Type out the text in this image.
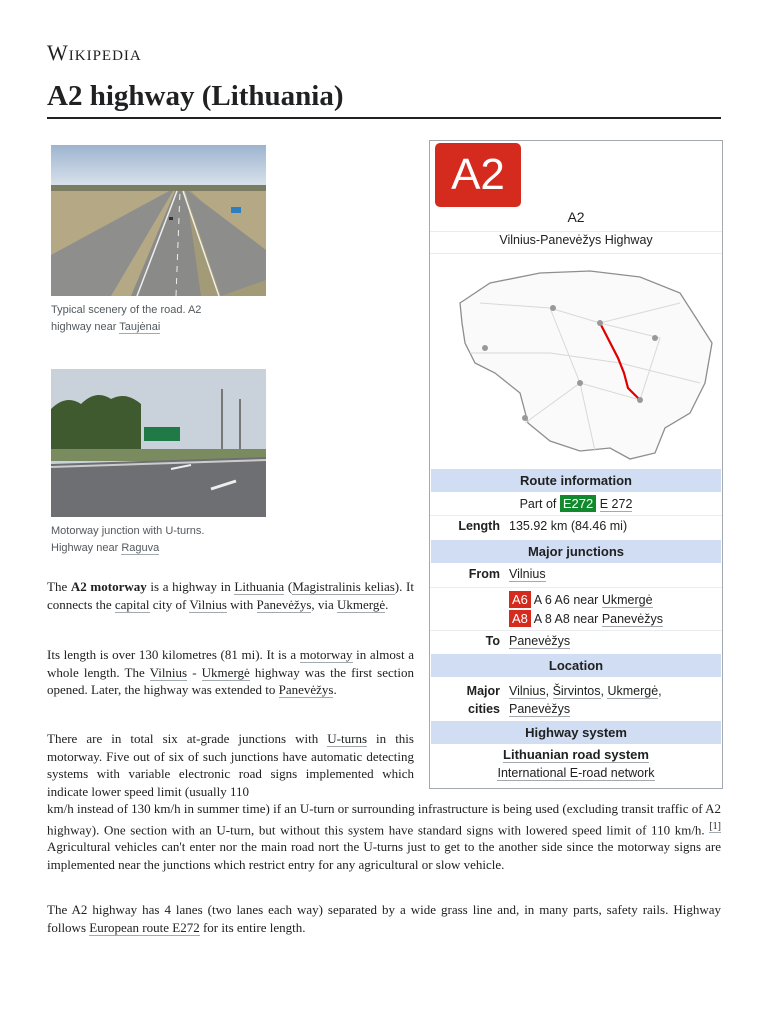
Wikipedia
A2 highway (Lithuania)
Typical scenery of the road. A2 highway near Taujėnai
Motorway junction with U-turns. Highway near Raguva
A2
A2
Vilnius-Panevėžys Highway
Route information
Part of E272 E 272
Length 135.92 km (84.46 mi)
Major junctions
From Vilnius
A6 A 6 A6 near Ukmergė
A8 A 8 A8 near Panevėžys
To Panevėžys
Location
Major
cities
Vilnius, Širvintos, Ukmergė,
Panevėžys
Highway system
Lithuanian road system
International E-road network
The A2 motorway is a highway in Lithuania (Magistralinis kelias). It connects the capital city of Vilnius with Panevėžys, via Ukmergė.
Its length is over 130 kilometres (81 mi). It is a motorway in almost a whole length. The Vilnius - Ukmergė highway was the first section opened. Later, the highway was extended to Panevėžys.
There are in total six at-grade junctions with U-turns in this motorway. Five out of six of such junctions have automatic detecting systems with variable electronic road signs implemented which indicate lower speed limit (usually 110
km/h instead of 130 km/h in summer time) if an U-turn or surrounding infrastructure is being used (excluding transit traffic of A2 highway). One section with an U-turn, but without this system have standard signs with lowered speed limit of 110 km/h. [1] Agricultural vehicles can't enter nor the main road nort the U-turns just to get to the another side since the motorway signs are implemented near the junctions which restrict entry for any agricultural or slow vehicle.
The A2 highway has 4 lanes (two lanes each way) separated by a wide grass line and, in many parts, safety rails. Highway follows European route E272 for its entire length.
